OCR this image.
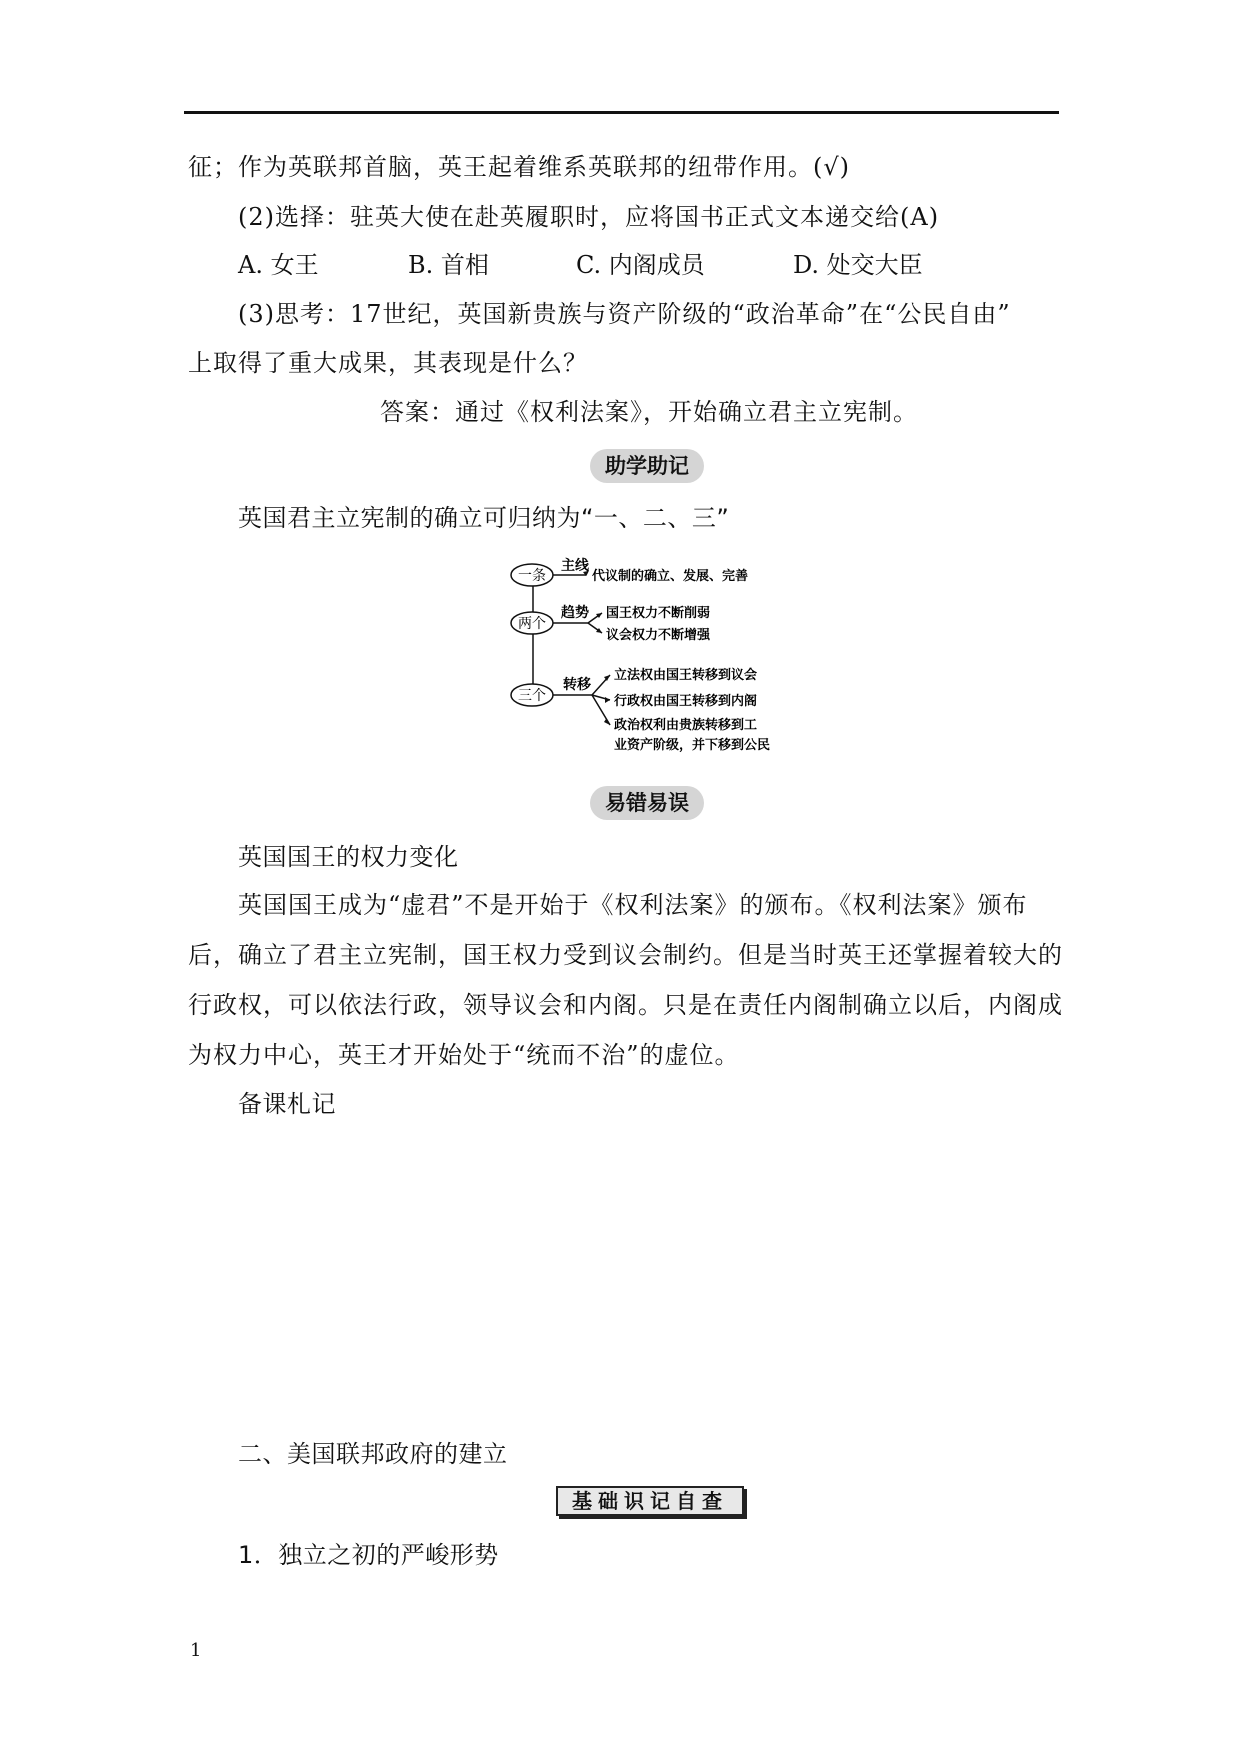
征；作为英联邦首脑，英王起着维系英联邦的纽带作用。(√)
(2)选择：驻英大使在赴英履职时，应将国书正式文本递交给(A)
A. 女王	B. 首相	C. 内阁成员	D. 处交大臣
(3)思考：17世纪，英国新贵族与资产阶级的“政治革命”在“公民自由”
上取得了重大成果，其表现是什么？
答案：通过《权利法案》，开始确立君主立宪制。
助学助记
英国君主立宪制的确立可归纳为“一、二、三”
一条
两个
三个
主线
趋势
转移
代议制的确立、发展、完善
国王权力不断削弱
议会权力不断增强
立法权由国王转移到议会
行政权由国王转移到内阁
政治权利由贵族转移到工
业资产阶级，并下移到公民
易错易误
英国国王的权力变化
英国国王成为“虚君”不是开始于《权利法案》的颁布。《权利法案》颁布
后，确立了君主立宪制，国王权力受到议会制约。但是当时英王还掌握着较大的
行政权，可以依法行政，领导议会和内阁。只是在责任内阁制确立以后，内阁成
为权力中心，英王才开始处于“统而不治”的虚位。
备课札记
二、美国联邦政府的建立
基础识记自查
1．独立之初的严峻形势
1
